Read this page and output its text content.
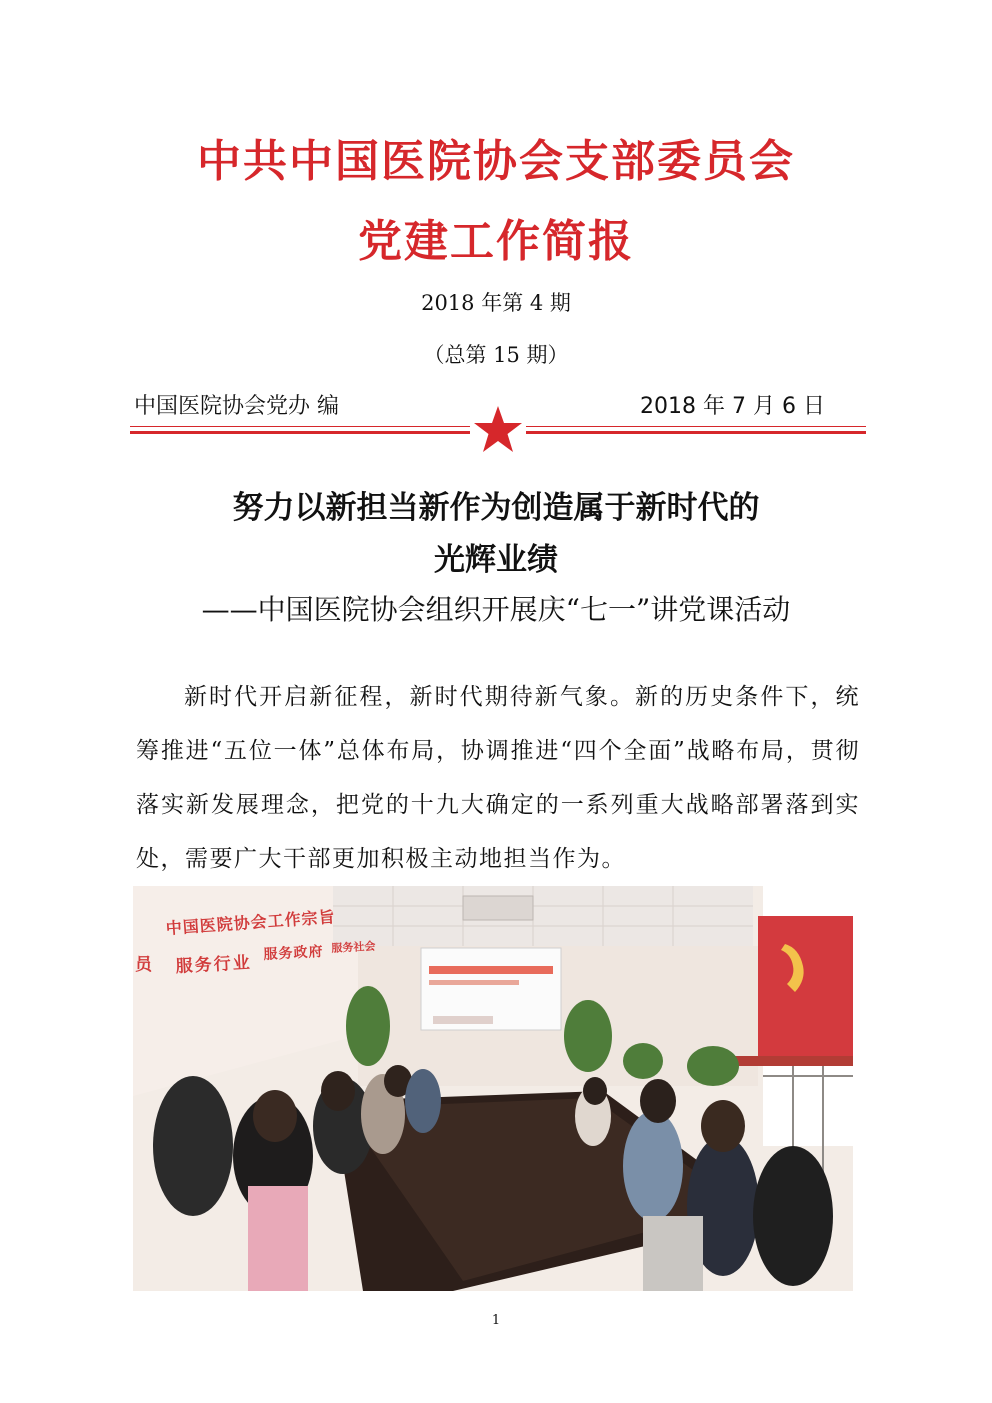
中共中国医院协会支部委员会
党建工作简报
2018 年第 4 期
（总第 15 期）
中国医院协会党办 编	2018 年 7 月 6 日
努力以新担当新作为创造属于新时代的
光辉业绩
——中国医院协会组织开展庆“七一”讲党课活动
新时代开启新征程，新时代期待新气象。新的历史条件下，统筹推进“五位一体”总体布局，协调推进“四个全面”战略布局，贯彻落实新发展理念，把党的十九大确定的一系列重大战略部署落到实处，需要广大干部更加积极主动地担当作为。
中国医院协会工作宗旨
员 服务行业 服务政府 服务社会
1
